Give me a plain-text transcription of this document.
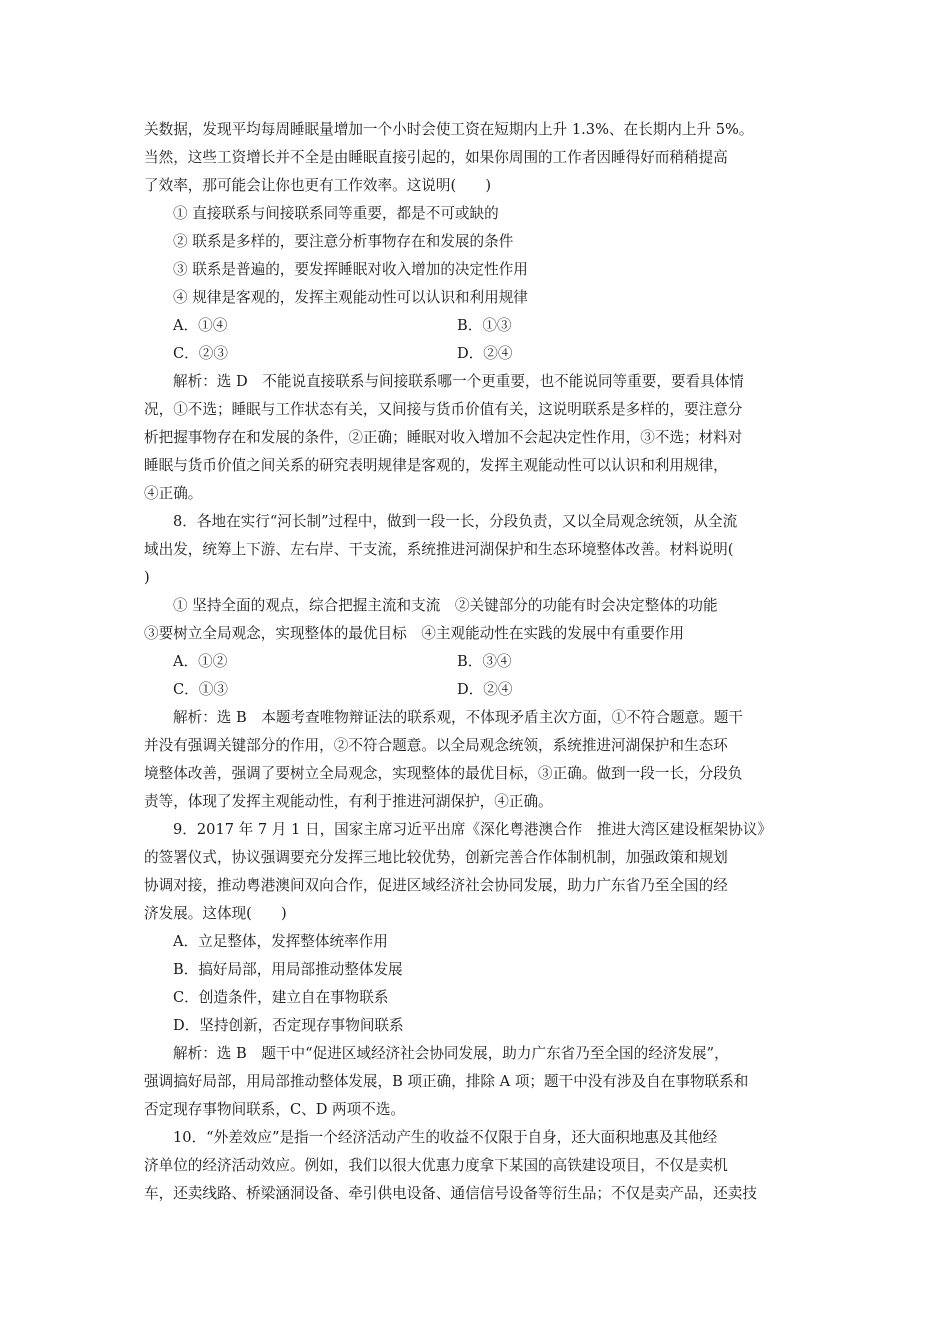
关数据，发现平均每周睡眠量增加一个小时会使工资在短期内上升 1.3%、在长期内上升 5%。

当然，这些工资增长并不全是由睡眠直接引起的，如果你周围的工作者因睡得好而稍稍提高

了效率，那可能会让你也更有工作效率。这说明(　　)

① 直接联系与间接联系同等重要，都是不可或缺的

② 联系是多样的，要注意分析事物存在和发展的条件

③ 联系是普遍的，要发挥睡眠对收入增加的决定性作用

④ 规律是客观的，发挥主观能动性可以认识和利用规律

A．①④	B．①③
C．②③	D．②④

解析：选 D　不能说直接联系与间接联系哪一个更重要，也不能说同等重要，要看具体情

况，①不选；睡眠与工作状态有关，又间接与货币价值有关，这说明联系是多样的，要注意分

析把握事物存在和发展的条件，②正确；睡眠对收入增加不会起决定性作用，③不选；材料对

睡眠与货币价值之间关系的研究表明规律是客观的，发挥主观能动性可以认识和利用规律，

④正确。

8．各地在实行“河长制”过程中，做到一段一长，分段负责，又以全局观念统领，从全流

域出发，统筹上下游、左右岸、干支流，系统推进河湖保护和生态环境整体改善。材料说明(

)

① 坚持全面的观点，综合把握主流和支流　②关键部分的功能有时会决定整体的功能

③要树立全局观念，实现整体的最优目标　④主观能动性在实践的发展中有重要作用

A．①②	B．③④
C．①③	D．②④

解析：选 B　本题考查唯物辩证法的联系观，不体现矛盾主次方面，①不符合题意。题干

并没有强调关键部分的作用，②不符合题意。以全局观念统领，系统推进河湖保护和生态环

境整体改善，强调了要树立全局观念，实现整体的最优目标，③正确。做到一段一长，分段负

责等，体现了发挥主观能动性，有利于推进河湖保护，④正确。

9．2017 年 7 月 1 日，国家主席习近平出席《深化粤港澳合作　推进大湾区建设框架协议》

的签署仪式，协议强调要充分发挥三地比较优势，创新完善合作体制机制，加强政策和规划

协调对接，推动粤港澳间双向合作，促进区域经济社会协同发展，助力广东省乃至全国的经

济发展。这体现(　　)

A．立足整体，发挥整体统率作用

B．搞好局部，用局部推动整体发展

C．创造条件，建立自在事物联系

D．坚持创新，否定现存事物间联系

解析：选 B　题干中“促进区域经济社会协同发展，助力广东省乃至全国的经济发展”，

强调搞好局部，用局部推动整体发展，B 项正确，排除 A 项；题干中没有涉及自在事物联系和

否定现存事物间联系，C、D 两项不选。

10．“外差效应”是指一个经济活动产生的收益不仅限于自身，还大面积地惠及其他经

济单位的经济活动效应。例如，我们以很大优惠力度拿下某国的高铁建设项目，不仅是卖机

车，还卖线路、桥梁涵洞设备、牵引供电设备、通信信号设备等衍生品；不仅是卖产品，还卖技
